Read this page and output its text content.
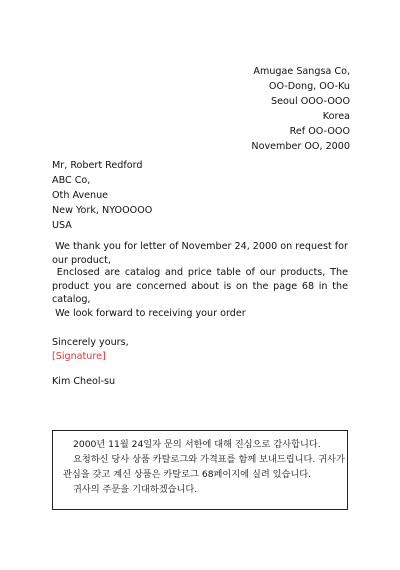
Amugae Sangsa Co,
OO-Dong, OO-Ku
Seoul OOO-OOO
Korea
Ref OO-OOO
November OO, 2000
Mr, Robert Redford
ABC Co,
Oth Avenue
New York, NYOOOOO
USA
We thank you for letter of November 24, 2000 on request for our product,
Enclosed are catalog and price table of our products, The product you are concerned about is on the page 68 in the catalog,
We look forward to receiving your order
Sincerely yours,
[Signature]
Kim Cheol-su
2000년 11월 24일자 문의 서한에 대해 진심으로 감사합니다.
요청하신 당사 상품 카탈로그와 가격표를 함께 보내드립니다. 귀사가
관심을 갖고 계신 상품은 카탈로그 68페이지에 실려 있습니다.
귀사의 주문을 기대하겠습니다.
